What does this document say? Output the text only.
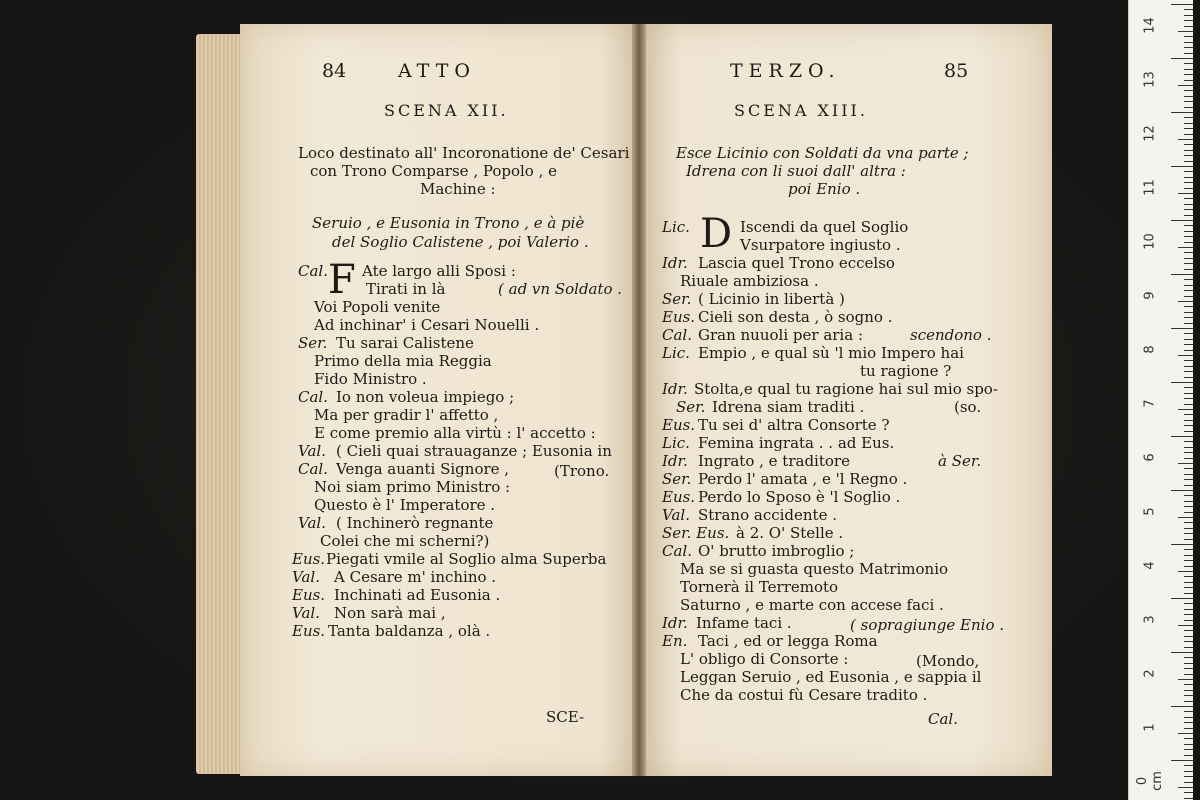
84	ATTO
SCENA XII.
Loco destinato all' Incoronatione de' Cesari
con Trono Comparse , Popolo , e
Machine :
Seruio , e Eusonia in Trono , e à piè
del Soglio Calistene , poi Valerio .
F
Cal. Ate largo alli Sposi :
Tirati in là	( ad vn Soldato .
Voi Popoli venite
Ad inchinar' i Cesari Nouelli .
Ser. Tu sarai Calistene
Primo della mia Reggia
Fido Ministro .
Cal. Io non voleua impiego ;
Ma per gradir l' affetto ,
E come premio alla virtù : l' accetto :
Val. ( Cieli quai strauaganze ; Eusonia in
Cal. Venga auanti Signore ,	(Trono.
Noi siam primo Ministro :
Questo è l' Imperatore .
Val. ( Inchinerò regnante
Colei che mi scherni?)
Eus. Piegati vmile al Soglio alma Superba
Val. A Cesare m' inchino .
Eus. Inchinati ad Eusonia .
Val. Non sarà mai ,
Eus. Tanta baldanza , olà .
SCE-
TERZO.	85
SCENA XIII.
Esce Licinio con Soldati da vna parte ;
Idrena con li suoi dall' altra :
poi Enio .
D
Lic.	Iscendi da quel Soglio
Vsurpatore ingiusto .
Idr. Lascia quel Trono eccelso
Riuale ambiziosa .
Ser. ( Licinio in libertà )
Eus. Cieli son desta , ò sogno .
Cal. Gran nuuoli per aria :	scendono .
Lic. Empio , e qual sù 'l mio Impero hai
tu ragione ?
Idr. Stolta,e qual tu ragione hai sul mio spo-
Ser. Idrena siam traditi .	(so.
Eus. Tu sei d' altra Consorte ?
Lic. Femina ingrata . . ad Eus.
Idr. Ingrato , e traditore	à Ser.
Ser. Perdo l' amata , e 'l Regno .
Eus. Perdo lo Sposo è 'l Soglio .
Val. Strano accidente .
Ser. Eus. à 2. O' Stelle .
Cal. O' brutto imbroglio ;
Ma se si guasta questo Matrimonio
Tornerà il Terremoto
Saturno , e marte con accese faci .
Idr. Infame taci .	( sopragiunge Enio .
En. Taci , ed or legga Roma
L' obligo di Consorte :	(Mondo,
Leggan Seruio , ed Eusonia , e sappia il
Che da costui fù Cesare tradito .
Cal.
14
13
12
11
10
9
8
7
6
5
4
3
2
1
0 cm
